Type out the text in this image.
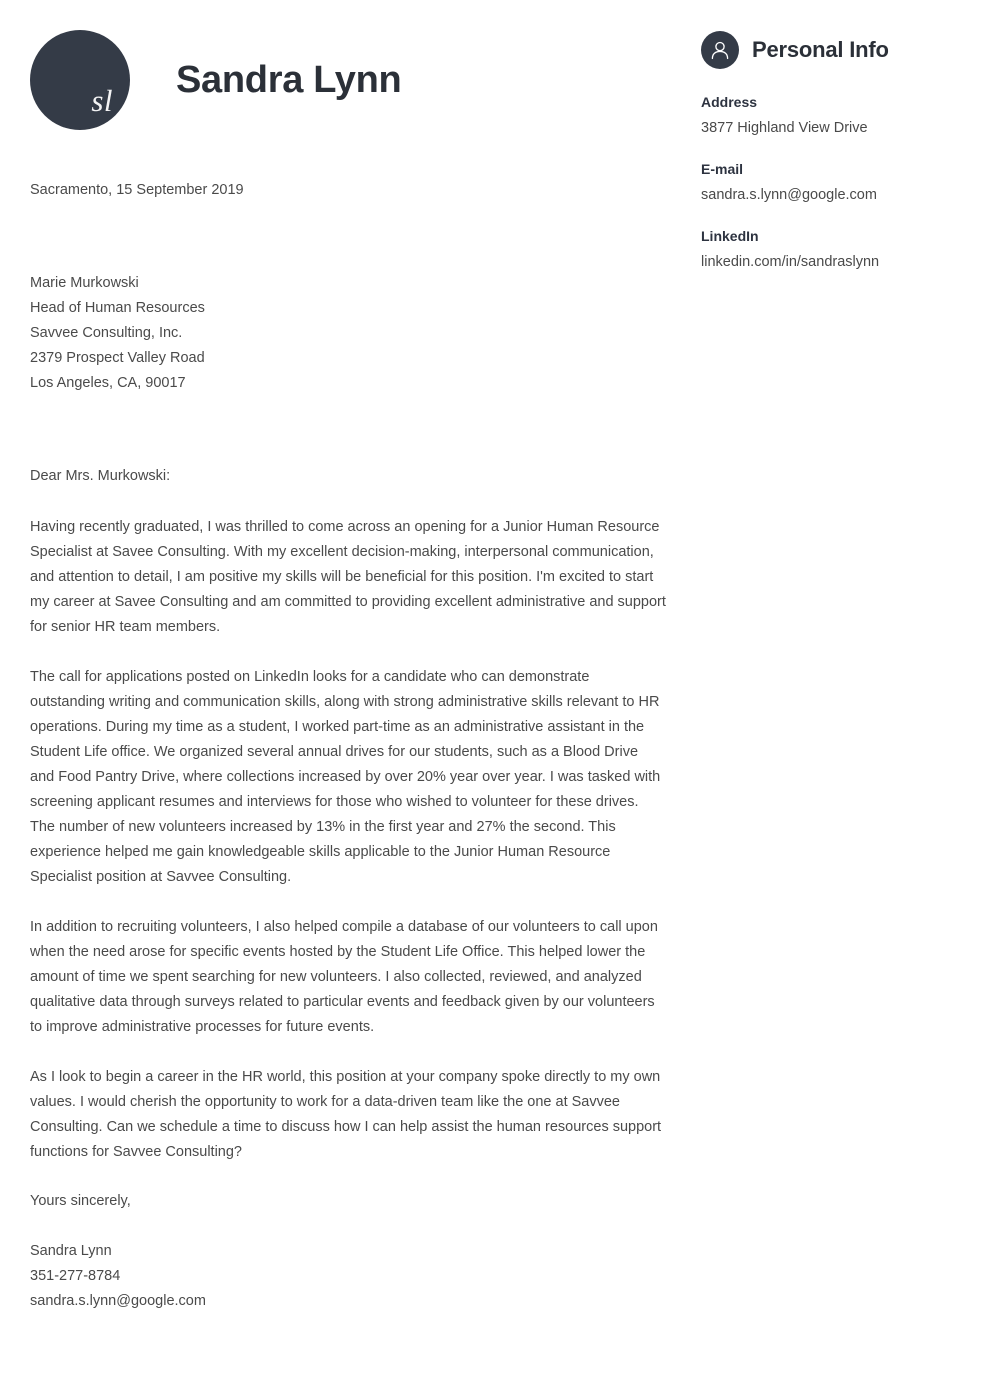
sl Sandra Lynn
Sacramento, 15 September 2019
Marie Murkowski
Head of Human Resources
Savvee Consulting, Inc.
2379 Prospect Valley Road
Los Angeles, CA, 90017
Dear Mrs. Murkowski:

Having recently graduated, I was thrilled to come across an opening for a Junior Human Resource Specialist at Savee Consulting. With my excellent decision-making, interpersonal communication, and attention to detail, I am positive my skills will be beneficial for this position. I'm excited to start my career at Savee Consulting and am committed to providing excellent administrative and support for senior HR team members.

The call for applications posted on LinkedIn looks for a candidate who can demonstrate outstanding writing and communication skills, along with strong administrative skills relevant to HR operations. During my time as a student, I worked part-time as an administrative assistant in the Student Life office. We organized several annual drives for our students, such as a Blood Drive and Food Pantry Drive, where collections increased by over 20% year over year. I was tasked with screening applicant resumes and interviews for those who wished to volunteer for these drives. The number of new volunteers increased by 13% in the first year and 27% the second. This experience helped me gain knowledgeable skills applicable to the Junior Human Resource Specialist position at Savvee Consulting.

In addition to recruiting volunteers, I also helped compile a database of our volunteers to call upon when the need arose for specific events hosted by the Student Life Office. This helped lower the amount of time we spent searching for new volunteers. I also collected, reviewed, and analyzed qualitative data through surveys related to particular events and feedback given by our volunteers to improve administrative processes for future events.

As I look to begin a career in the HR world, this position at your company spoke directly to my own values. I would cherish the opportunity to work for a data-driven team like the one at Savvee Consulting. Can we schedule a time to discuss how I can help assist the human resources support functions for Savvee Consulting?

Yours sincerely,
Sandra Lynn
351-277-8784
sandra.s.lynn@google.com
Personal Info
Address
3877 Highland View Drive
E-mail
sandra.s.lynn@google.com
LinkedIn
linkedin.com/in/sandraslynn
